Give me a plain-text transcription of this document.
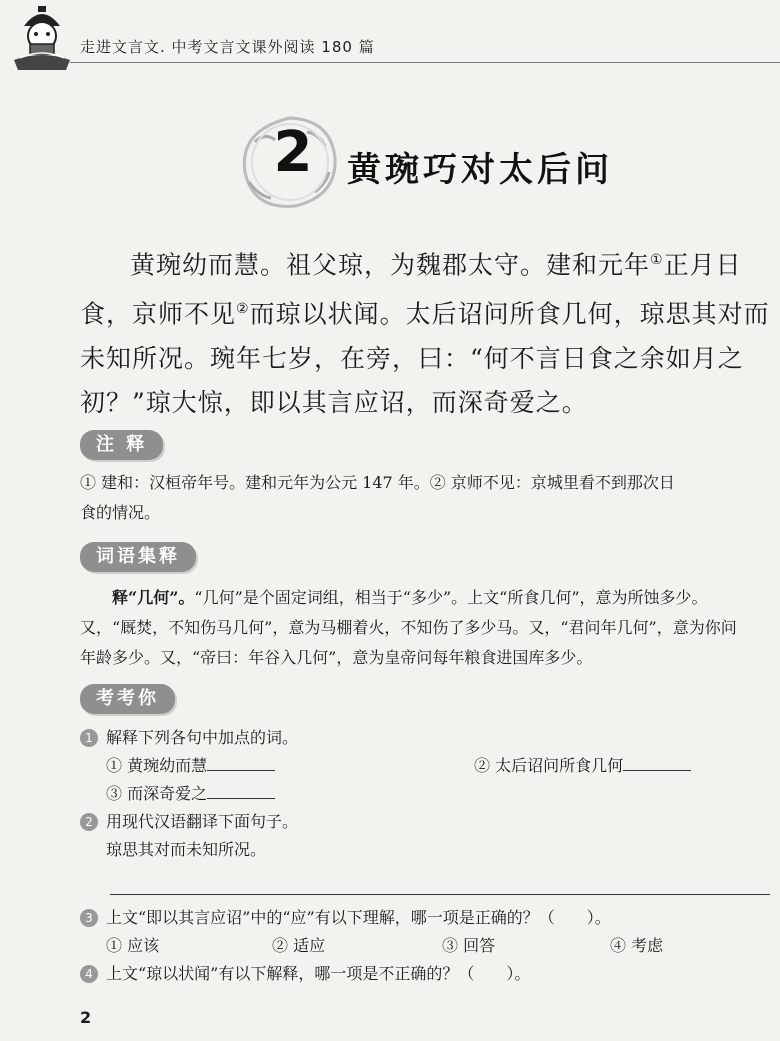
走进文言文. 中考文言文课外阅读 180 篇
2	黄琬巧对太后问

黄琬幼而慧。祖父琼，为魏郡太守。建和元年①正月日

食，京师不见②而琼以状闻。太后诏问所食几何，琼思其对而

未知所况。琬年七岁，在旁，曰：“何不言日食之余如月之

初？”琼大惊，即以其言应诏，而深奇爱之。

注 释

① 建和：汉桓帝年号。建和元年为公元 147 年。② 京师不见：京城里看不到那次日

食的情况。

词语集释

释“几何”。“几何”是个固定词组，相当于“多少”。上文“所食几何”，意为所蚀多少。

又，“厩焚，不知伤马几何”，意为马棚着火，不知伤了多少马。又，“君问年几何”，意为你问

年龄多少。又，“帝曰：年谷入几何”，意为皇帝问每年粮食进国库多少。

考考你
1 解释下列各句中加点的词。
① 黄琬幼而慧	② 太后诏问所食几何
③ 而深奇爱之
2 用现代汉语翻译下面句子。
琼思其对而未知所况。
3 上文“即以其言应诏”中的“应”有以下理解，哪一项是正确的？（　　）。
① 应该	② 适应	③ 回答	④ 考虑
4 上文“琼以状闻”有以下解释，哪一项是不正确的？（　　）。
2
